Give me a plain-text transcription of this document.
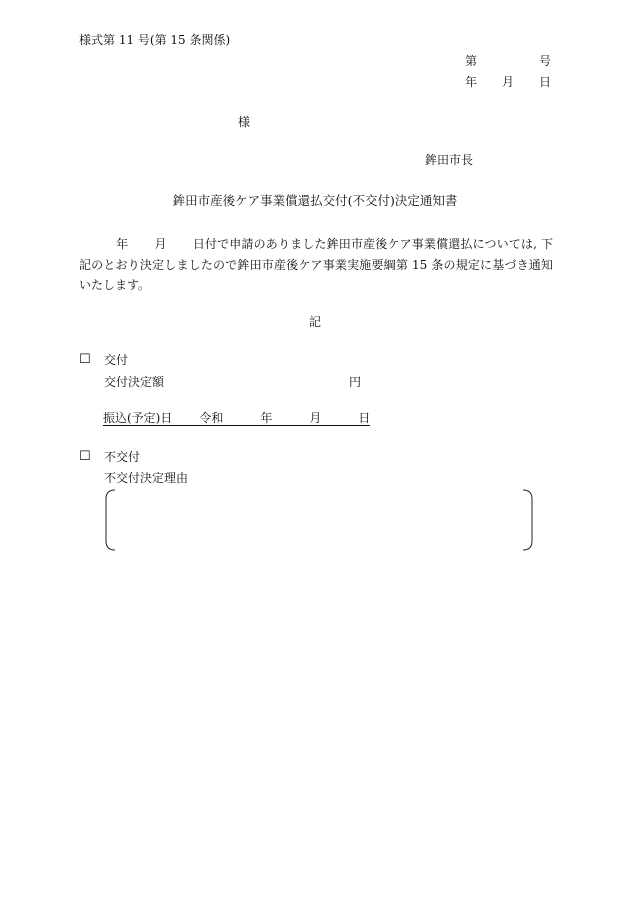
様式第 11 号(第 15 条関係)
第	号
年 月 日
様
鉾田市長
鉾田市産後ケア事業償還払交付(不交付)決定通知書

年 月 日付で申請のありました鉾田市産後ケア事業償還払については, 下記のとおり決定しましたので鉾田市産後ケア事業実施要綱第 15 条の規定に基づき通知いたします。

記
☐ 交付
交付決定額	円
振込(予定)日 令和	年	月	日
☐ 不交付
不交付決定理由
